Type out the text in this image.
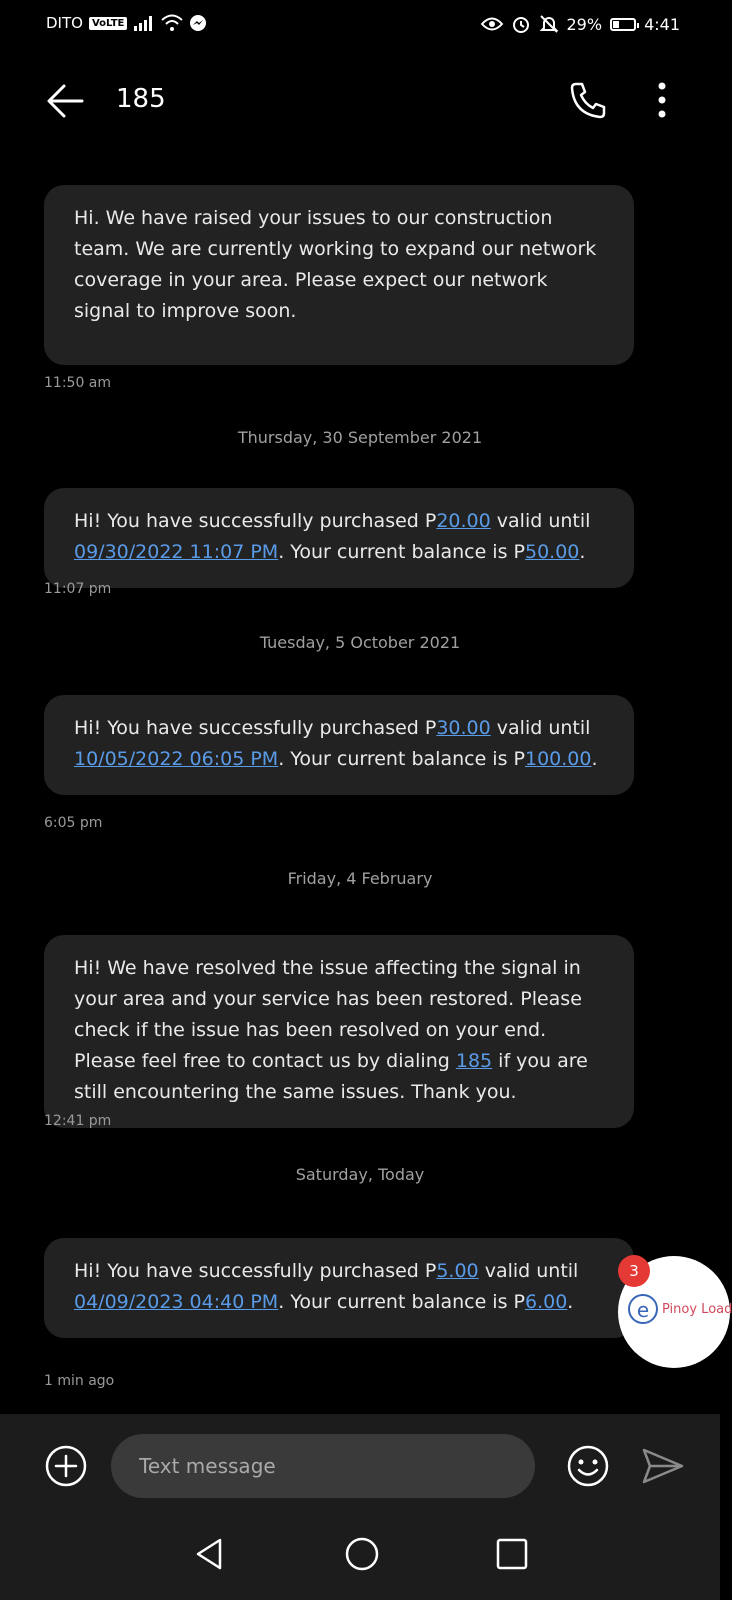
DITO VoLTE	29%	4:41
185
Hi. We have raised your issues to our construction team. We are currently working to expand our network coverage in your area. Please expect our network signal to improve soon.
11:50 am
Thursday, 30 September 2021
Hi! You have successfully purchased P20.00 valid until 09/30/2022 11:07 PM. Your current balance is P50.00.
11:07 pm
Tuesday, 5 October 2021
Hi! You have successfully purchased P30.00 valid until 10/05/2022 06:05 PM. Your current balance is P100.00.
6:05 pm
Friday, 4 February
Hi! We have resolved the issue affecting the signal in your area and your service has been restored. Please check if the issue has been resolved on your end. Please feel free to contact us by dialing 185 if you are still encountering the same issues. Thank you.
12:41 pm
Saturday, Today
Hi! You have successfully purchased P5.00 valid until 04/09/2023 04:40 PM. Your current balance is P6.00.
1 min ago
e Pinoy Load
3
Text message
